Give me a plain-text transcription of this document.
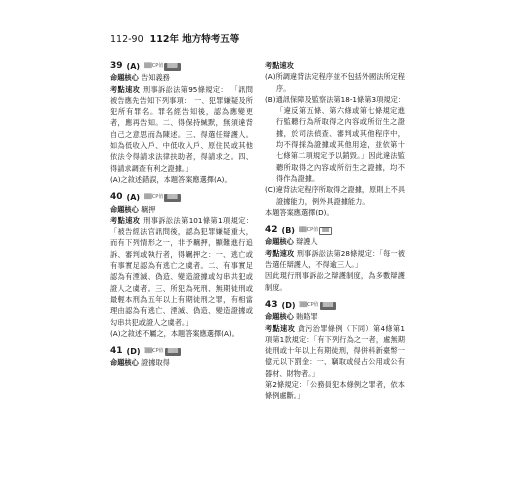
112-90 112年 地方特考五等
39 (A) ▒▒CP值 ▒▒▒
命題核心 告知義務
考點速攻 刑事訴訟法第95條規定： 「訊問被告應先告知下列事項： 一、犯罪嫌疑及所犯所有罪名。罪名經告知後，認為應變更者，應再告知。二、得保持緘默，無須違背自己之意思而為陳述。三、得選任辯護人。如為低收入戶、中低收入戶、原住民或其他依法令得請求法律扶助者，得請求之。四、得請求調查有利之證據。」
(A)之敘述錯誤，本題答案應選擇(A)。
40 (A) ▒▒CP值 ▒▒▒
命題核心 羈押
考點速攻 刑事訴訟法第101條第1項規定：「被告經法官訊問後，認為犯罪嫌疑重大，而有下列情形之一，非予羈押，顯難進行追訴、審判或執行者，得羈押之：一、逃亡或有事實足認為有逃亡之虞者。二、有事實足認為有湮滅、偽造、變造證據或勾串共犯或證人之虞者。三、所犯為死刑、無期徒刑或最輕本刑為五年以上有期徒刑之罪，有相當理由認為有逃亡、湮滅、偽造、變造證據或勾串共犯或證人之虞者。」
(A)之敘述不屬之，本題答案應選擇(A)。
41 (D) ▒▒CP值 ▒▒▒
命題核心 證據取得
考點速攻
(A)所調違背法定程序並不包括外國法所定程序。
(B)通訊保障及監察法第18-1條第3項規定：「違反第五條、第六條或第七條規定進行監聽行為所取得之內容或所衍生之證據，於司法偵查、審判或其他程序中，均不得採為證據或其他用途，並依第十七條第二項規定予以銷毀。」因此違法監聽所取得之內容或所衍生之證據，均不得作為證據。
(C)違背法定程序所取得之證據，原則上不具證據能力，例外具證據能力。
本題答案應選擇(D)。
42 (B) ▒▒CP值 ▒▒
命題核心 辯護人
考點速攻 刑事訴訟法第28條規定：「每一被告選任辯護人，不得逾三人。」
因此現行刑事訴訟之辯護制度，為多數辯護制度。
43 (D) ▒▒CP值 ▒▒▒
命題核心 賄賂罪
考點速攻 貪污治罪條例（下同）第4條第1項第1款規定：「有下列行為之一者，處無期徒刑或十年以上有期徒刑，得併科新臺幣一億元以下罰金：一、竊取或侵占公用或公有器材、財物者。」
第2條規定：「公務員犯本條例之罪者，依本條例處斷。」
